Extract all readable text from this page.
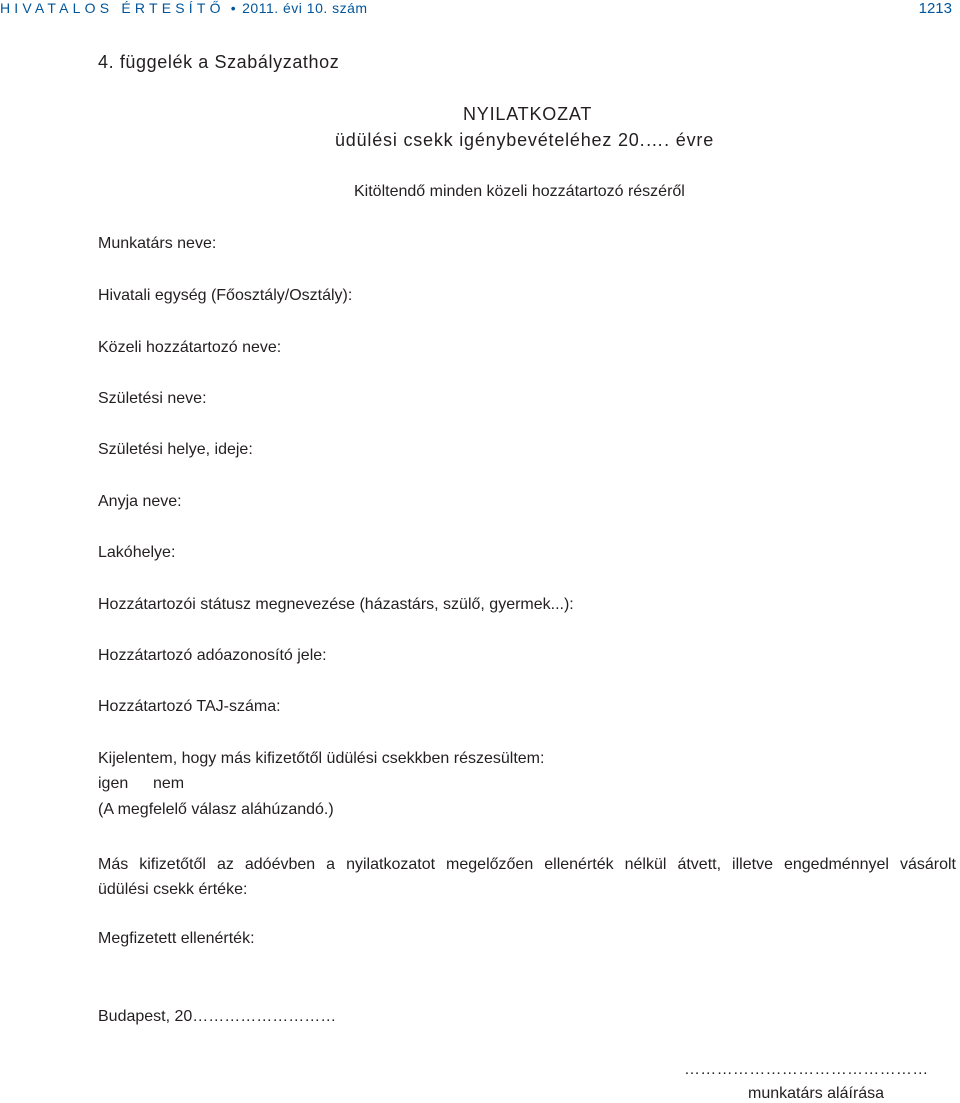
HIVATALOS ÉRTESÍTŐ • 2011. évi 10. szám	1213
4. függelék a Szabályzathoz
NYILATKOZAT
üdülési csekk igénybevételéhez 20.…. évre
Kitöltendő minden közeli hozzátartozó részéről
Munkatárs neve:
Hivatali egység (Főosztály/Osztály):
Közeli hozzátartozó neve:
Születési neve:
Születési helye, ideje:
Anyja neve:
Lakóhelye:
Hozzátartozói státusz megnevezése (házastárs, szülő, gyermek...):
Hozzátartozó adóazonosító jele:
Hozzátartozó TAJ-száma:
Kijelentem, hogy más kifizetőtől üdülési csekkben részesültem:
igen nem
(A megfelelő válasz aláhúzandó.)
Más kifizetőtől az adóévben a nyilatkozatot megelőzően ellenérték nélkül átvett, illetve engedménnyel vásárolt
üdülési csekk értéke:
Megfizetett ellenérték:
Budapest, 20………………………
………………………………………
munkatárs aláírása
